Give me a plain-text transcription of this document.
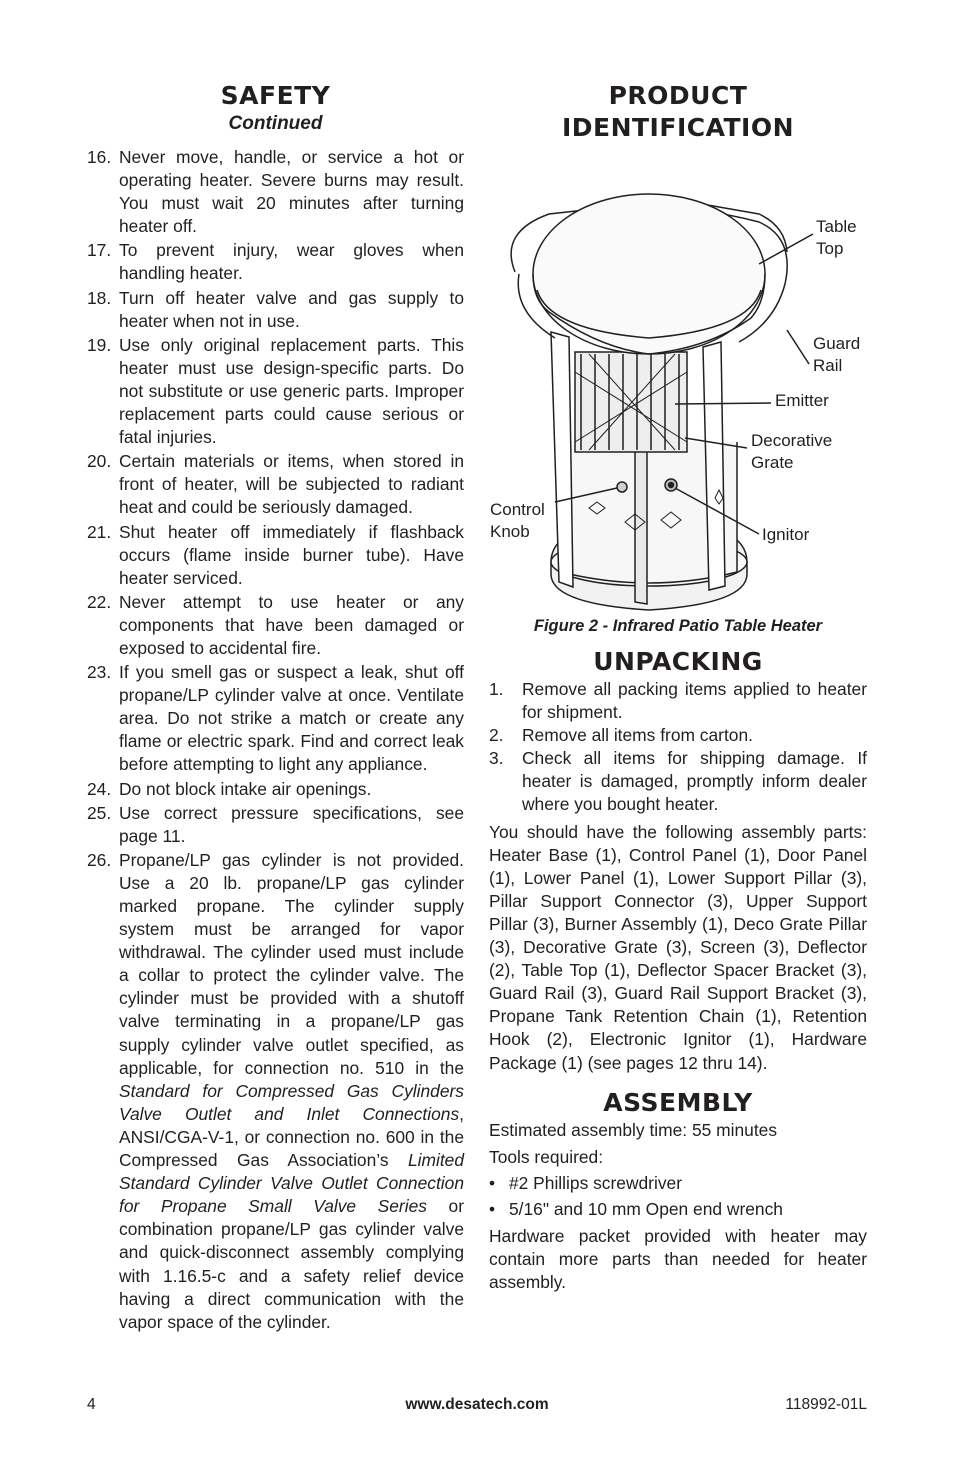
SAFETY
Continued
16. Never move, handle, or service a hot or operating heater. Severe burns may result. You must wait 20 minutes after turning heater off.
17. To prevent injury, wear gloves when handling heater.
18. Turn off heater valve and gas supply to heater when not in use.
19. Use only original replacement parts. This heater must use design-specific parts. Do not substitute or use generic parts. Improper replacement parts could cause serious or fatal injuries.
20. Certain materials or items, when stored in front of heater, will be subjected to radiant heat and could be seriously damaged.
21. Shut heater off immediately if flashback occurs (flame inside burner tube). Have heater serviced.
22. Never attempt to use heater or any components that have been damaged or exposed to accidental fire.
23. If you smell gas or suspect a leak, shut off propane/LP cylinder valve at once. Ventilate area. Do not strike a match or create any flame or electric spark. Find and correct leak before attempting to light any appliance.
24. Do not block intake air openings.
25. Use correct pressure specifications, see page 11.
26. Propane/LP gas cylinder is not provided. Use a 20 lb. propane/LP gas cylinder marked propane. The cylinder supply system must be arranged for vapor withdrawal. The cylinder used must include a collar to protect the cylinder valve. The cylinder must be provided with a shutoff valve terminating in a propane/LP gas supply cylinder valve outlet specified, as applicable, for connection no. 510 in the Standard for Compressed Gas Cylinders Valve Outlet and Inlet Connections, ANSI/CGA-V-1, or connection no. 600 in the Compressed Gas Association’s Limited Standard Cylinder Valve Outlet Connection for Propane Small Valve Series or combination propane/LP gas cylinder valve and quick-disconnect assembly complying with 1.16.5-c and a safety relief device having a direct communication with the vapor space of the cylinder.
PRODUCT
IDENTIFICATION
Table
Top
Guard
Rail
Emitter
Decorative
Grate
Control
Knob	Ignitor
Figure 2 - Infrared Patio Table Heater
UNPACKING
1.	Remove all packing items applied to heater for shipment.
2.	Remove all items from carton.
3.	Check all items for shipping damage. If heater is damaged, promptly inform dealer where you bought heater.

You should have the following assembly parts: Heater Base (1), Control Panel (1), Door Panel (1), Lower Panel (1), Lower Support Pillar (3), Pillar Support Connector (3), Upper Support Pillar (3), Burner Assembly (1), Deco Grate Pillar (3), Decorative Grate (3), Screen (3), Deflector (2), Table Top (1), Deflector Spacer Bracket (3), Guard Rail (3), Guard Rail Support Bracket (3), Propane Tank Retention Chain (1), Retention Hook (2), Electronic Ignitor (1), Hardware Package (1) (see pages 12 thru 14).

ASSEMBLY

Estimated assembly time: 55 minutes

Tools required:

• #2 Phillips screwdriver
• 5/16" and 10 mm Open end wrench

Hardware packet provided with heater may contain more parts than needed for heater assembly.

4	www.desatech.com	118992-01L
